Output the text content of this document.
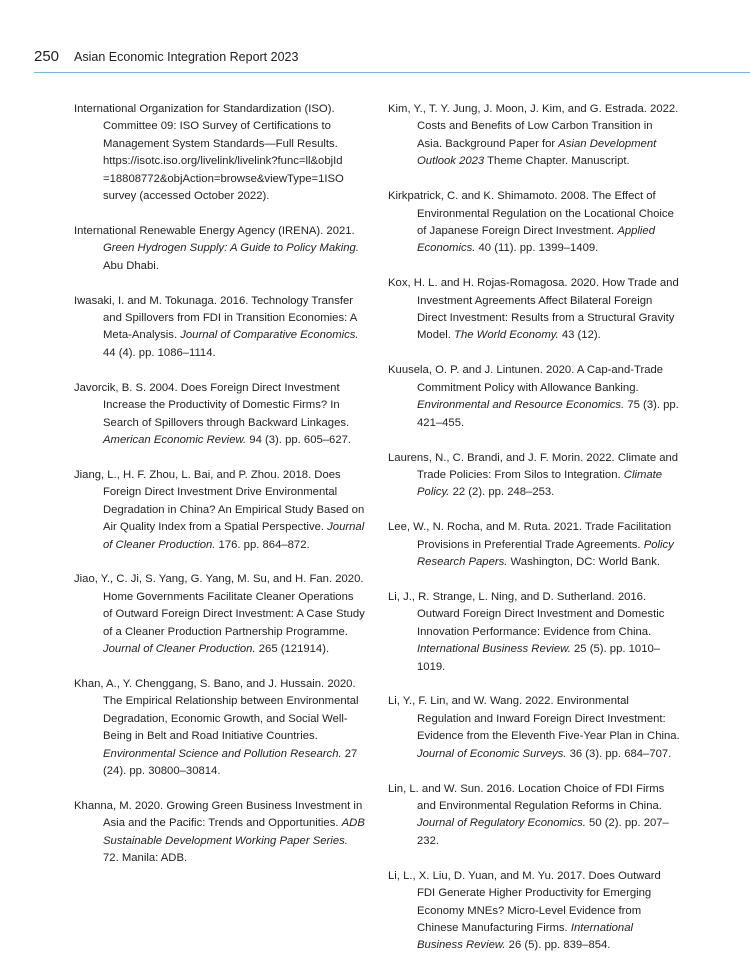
250 Asian Economic Integration Report 2023

International Organization for Standardization (ISO). Committee 09: ISO Survey of Certifications to Management System Standards—Full Results. https://isotc.iso.org/livelink/livelink?func=ll&objId =18808772&objAction=browse&viewType=1ISO survey (accessed October 2022).

International Renewable Energy Agency (IRENA). 2021. Green Hydrogen Supply: A Guide to Policy Making. Abu Dhabi.

Iwasaki, I. and M. Tokunaga. 2016. Technology Transfer and Spillovers from FDI in Transition Economies: A Meta-Analysis. Journal of Comparative Economics. 44 (4). pp. 1086–1114.

Javorcik, B. S. 2004. Does Foreign Direct Investment Increase the Productivity of Domestic Firms? In Search of Spillovers through Backward Linkages. American Economic Review. 94 (3). pp. 605–627.

Jiang, L., H. F. Zhou, L. Bai, and P. Zhou. 2018. Does Foreign Direct Investment Drive Environmental Degradation in China? An Empirical Study Based on Air Quality Index from a Spatial Perspective. Journal of Cleaner Production. 176. pp. 864–872.

Jiao, Y., C. Ji, S. Yang, G. Yang, M. Su, and H. Fan. 2020. Home Governments Facilitate Cleaner Operations of Outward Foreign Direct Investment: A Case Study of a Cleaner Production Partnership Programme. Journal of Cleaner Production. 265 (121914).

Khan, A., Y. Chenggang, S. Bano, and J. Hussain. 2020. The Empirical Relationship between Environmental Degradation, Economic Growth, and Social Well-Being in Belt and Road Initiative Countries. Environmental Science and Pollution Research. 27 (24). pp. 30800–30814.

Khanna, M. 2020. Growing Green Business Investment in Asia and the Pacific: Trends and Opportunities. ADB Sustainable Development Working Paper Series. 72. Manila: ADB.

Kim, Y., T. Y. Jung, J. Moon, J. Kim, and G. Estrada. 2022. Costs and Benefits of Low Carbon Transition in Asia. Background Paper for Asian Development Outlook 2023 Theme Chapter. Manuscript.

Kirkpatrick, C. and K. Shimamoto. 2008. The Effect of Environmental Regulation on the Locational Choice of Japanese Foreign Direct Investment. Applied Economics. 40 (11). pp. 1399–1409.

Kox, H. L. and H. Rojas-Romagosa. 2020. How Trade and Investment Agreements Affect Bilateral Foreign Direct Investment: Results from a Structural Gravity Model. The World Economy. 43 (12).

Kuusela, O. P. and J. Lintunen. 2020. A Cap-and-Trade Commitment Policy with Allowance Banking. Environmental and Resource Economics. 75 (3). pp. 421–455.

Laurens, N., C. Brandi, and J. F. Morin. 2022. Climate and Trade Policies: From Silos to Integration. Climate Policy. 22 (2). pp. 248–253.

Lee, W., N. Rocha, and M. Ruta. 2021. Trade Facilitation Provisions in Preferential Trade Agreements. Policy Research Papers. Washington, DC: World Bank.

Li, J., R. Strange, L. Ning, and D. Sutherland. 2016. Outward Foreign Direct Investment and Domestic Innovation Performance: Evidence from China. International Business Review. 25 (5). pp. 1010–1019.

Li, Y., F. Lin, and W. Wang. 2022. Environmental Regulation and Inward Foreign Direct Investment: Evidence from the Eleventh Five-Year Plan in China. Journal of Economic Surveys. 36 (3). pp. 684–707.

Lin, L. and W. Sun. 2016. Location Choice of FDI Firms and Environmental Regulation Reforms in China. Journal of Regulatory Economics. 50 (2). pp. 207–232.

Li, L., X. Liu, D. Yuan, and M. Yu. 2017. Does Outward FDI Generate Higher Productivity for Emerging Economy MNEs? Micro-Level Evidence from Chinese Manufacturing Firms. International Business Review. 26 (5). pp. 839–854.
